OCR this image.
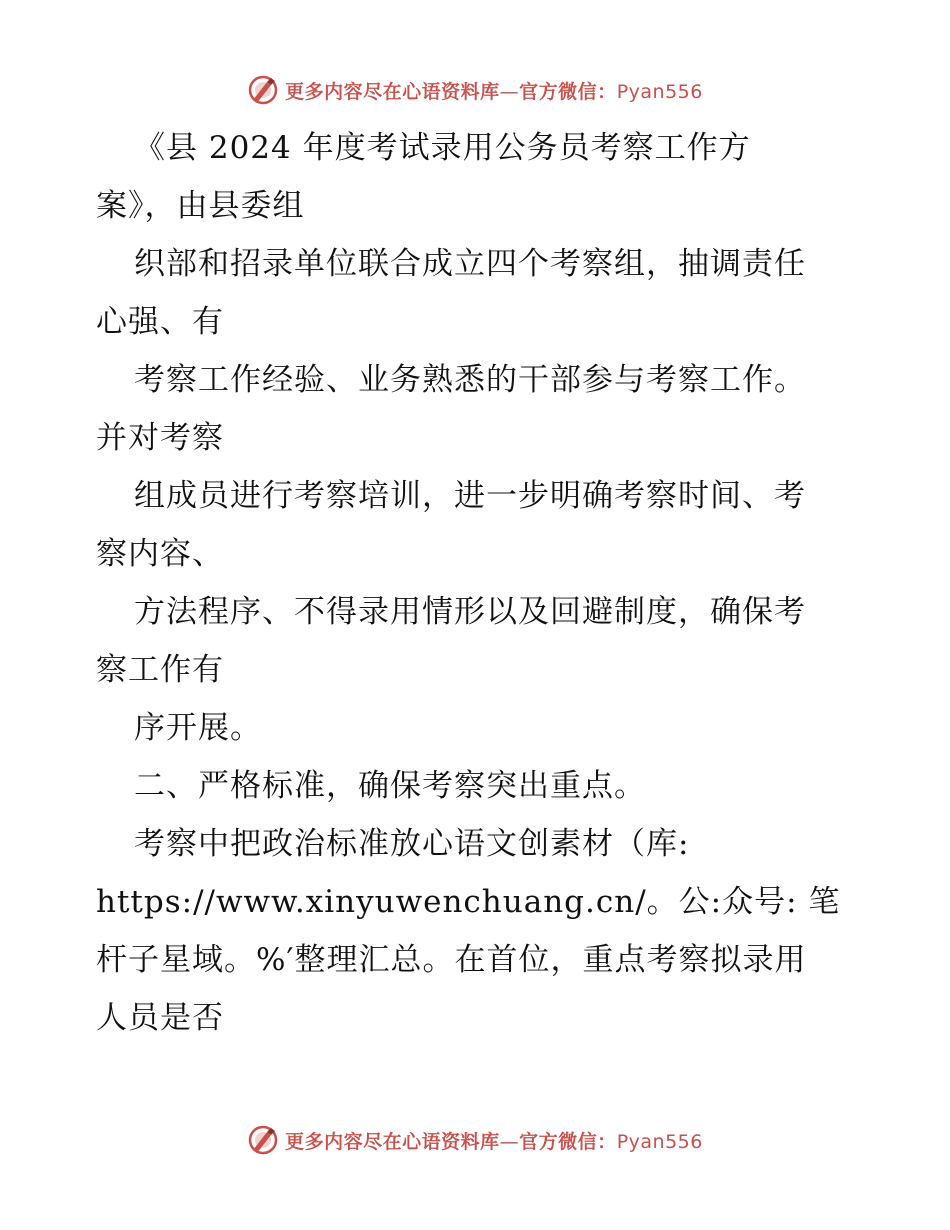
更多内容尽在心语资料库—官方微信：Pyan556
《县 2024 年度考试录用公务员考察工作方
案》，由县委组
织部和招录单位联合成立四个考察组，抽调责任
心强、有
考察工作经验、业务熟悉的干部参与考察工作。
并对考察
组成员进行考察培训，进一步明确考察时间、考
察内容、
方法程序、不得录用情形以及回避制度，确保考
察工作有
序开展。
二、严格标准，确保考察突出重点。
考察中把政治标准放心语文创素材（库:
https://www.xinyuwenchuang.cn/。公:众号: 笔
杆子星域。%′整理汇总。在首位，重点考察拟录用
人员是否
更多内容尽在心语资料库—官方微信：Pyan556
